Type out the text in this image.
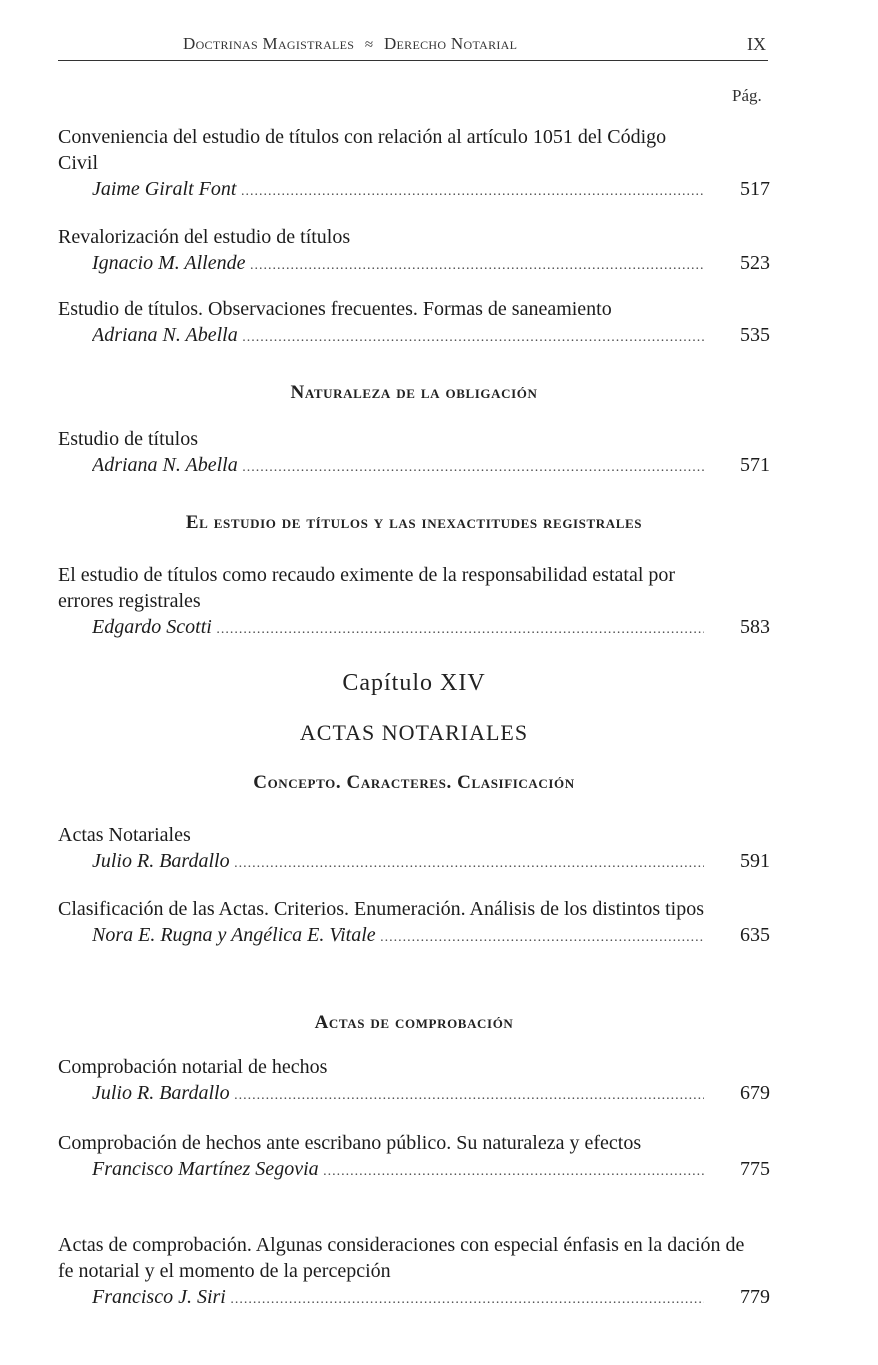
Doctrinas Magistrales ≈ Derecho Notarial	IX
Pág.
Conveniencia del estudio de títulos con relación al artículo 1051 del Código Civil
Jaime Giralt Font .....	517
Revalorización del estudio de títulos
Ignacio M. Allende .....	523
Estudio de títulos. Observaciones frecuentes. Formas de saneamiento
Adriana N. Abella .....	535
Naturaleza de la obligación
Estudio de títulos
Adriana N. Abella .....	571
El estudio de títulos y las inexactitudes registrales
El estudio de títulos como recaudo eximente de la responsabilidad estatal por errores registrales
Edgardo Scotti .....	583
Capítulo XIV
ACTAS NOTARIALES
Concepto. Caracteres. Clasificación
Actas Notariales
Julio R. Bardallo .....	591
Clasificación de las Actas. Criterios. Enumeración. Análisis de los distintos tipos
Nora E. Rugna y Angélica E. Vitale .....	635
Actas de comprobación
Comprobación notarial de hechos
Julio R. Bardallo .....	679
Comprobación de hechos ante escribano público. Su naturaleza y efectos
Francisco Martínez Segovia .....	775
Actas de comprobación. Algunas consideraciones con especial énfasis en la dación de fe notarial y el momento de la percepción
Francisco J. Siri .....	779
